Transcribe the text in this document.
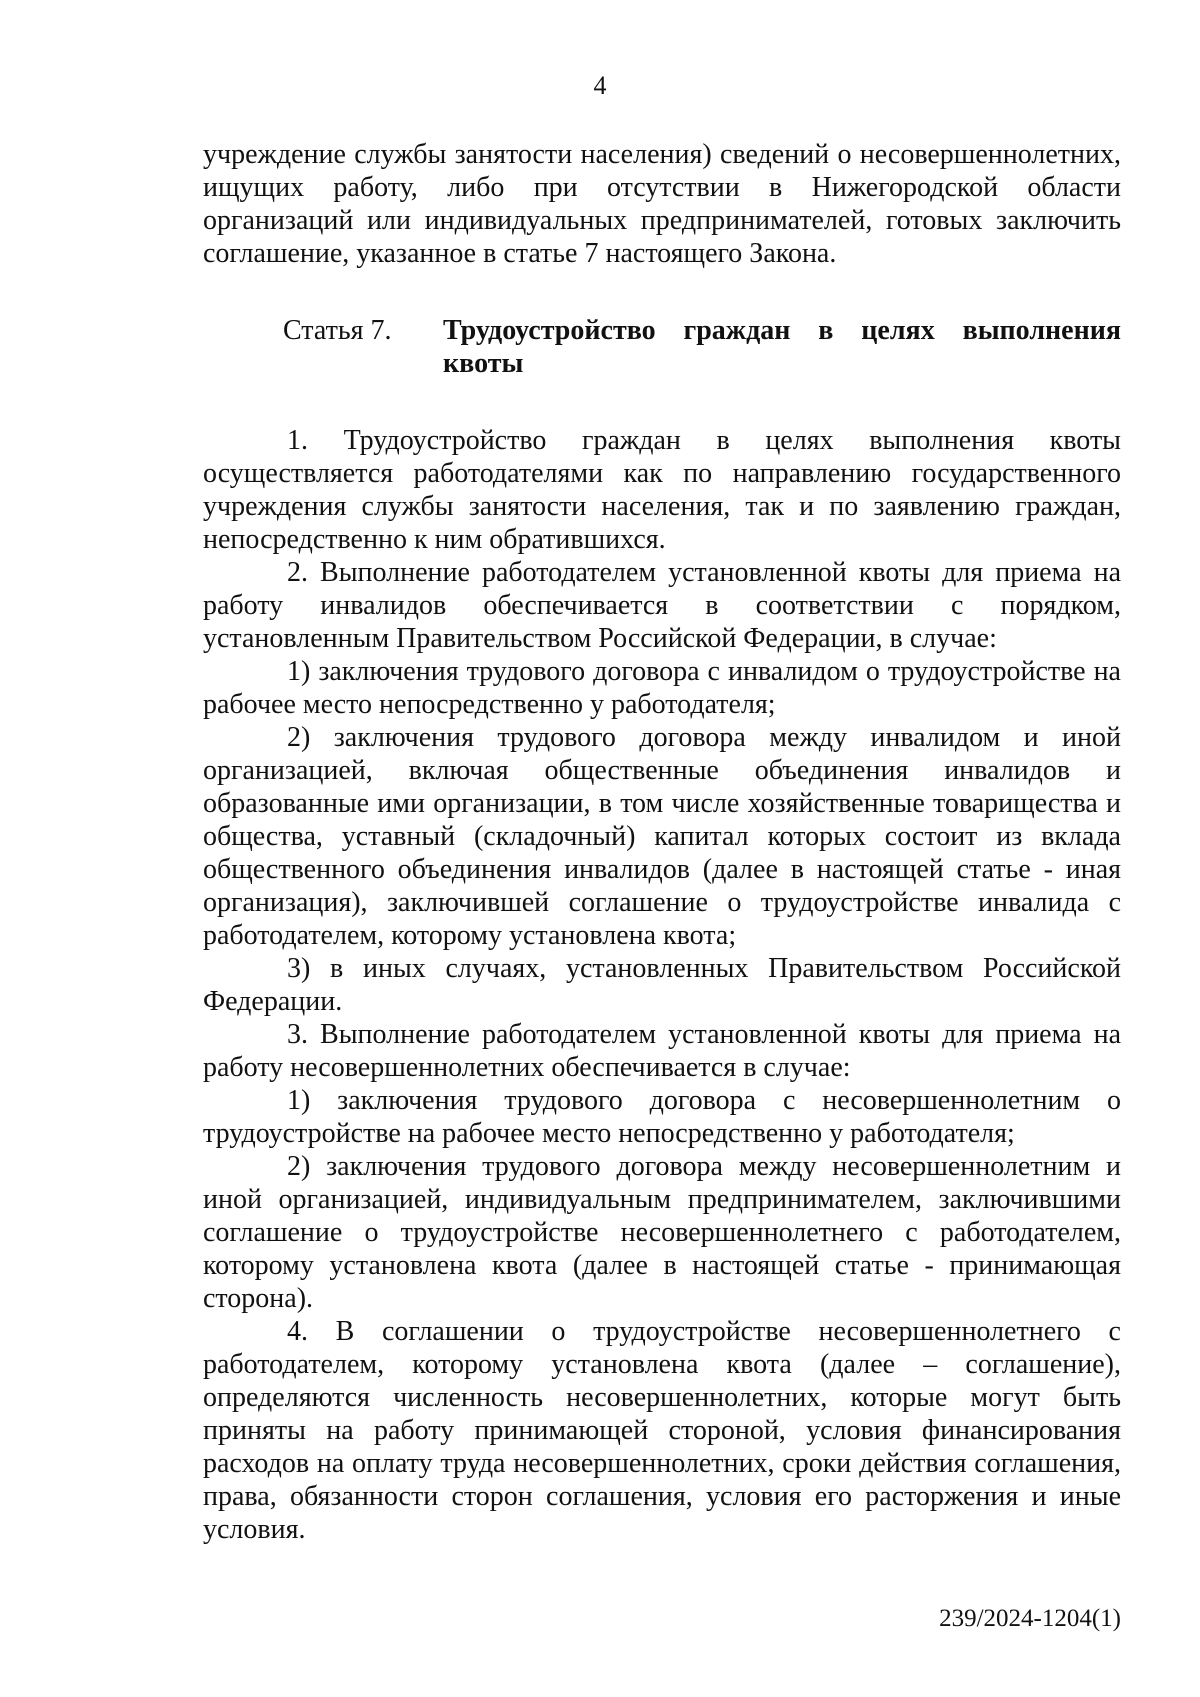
4

учреждение службы занятости населения) сведений о несовершеннолетних, ищущих работу, либо при отсутствии в Нижегородской области организаций или индивидуальных предпринимателей, готовых заключить соглашение, указанное в статье 7 настоящего Закона.

Статья 7.	Трудоустройство граждан в целях выполнения квоты

1. Трудоустройство граждан в целях выполнения квоты осуществляется работодателями как по направлению государственного учреждения службы занятости населения, так и по заявлению граждан, непосредственно к ним обратившихся.

2. Выполнение работодателем установленной квоты для приема на работу инвалидов обеспечивается в соответствии с порядком, установленным Правительством Российской Федерации, в случае:

1) заключения трудового договора с инвалидом о трудоустройстве на рабочее место непосредственно у работодателя;

2) заключения трудового договора между инвалидом и иной организацией, включая общественные объединения инвалидов и образованные ими организации, в том числе хозяйственные товарищества и общества, уставный (складочный) капитал которых состоит из вклада общественного объединения инвалидов (далее в настоящей статье - иная организация), заключившей соглашение о трудоустройстве инвалида с работодателем, которому установлена квота;

3) в иных случаях, установленных Правительством Российской Федерации.

3. Выполнение работодателем установленной квоты для приема на работу несовершеннолетних обеспечивается в случае:

1) заключения трудового договора с несовершеннолетним о трудоустройстве на рабочее место непосредственно у работодателя;

2) заключения трудового договора между несовершеннолетним и иной организацией, индивидуальным предпринимателем, заключившими соглашение о трудоустройстве несовершеннолетнего с работодателем, которому установлена квота (далее в настоящей статье - принимающая сторона).

4. В соглашении о трудоустройстве несовершеннолетнего с работодателем, которому установлена квота (далее – соглашение), определяются численность несовершеннолетних, которые могут быть приняты на работу принимающей стороной, условия финансирования расходов на оплату труда несовершеннолетних, сроки действия соглашения, права, обязанности сторон соглашения, условия его расторжения и иные условия.

239/2024-1204(1)
